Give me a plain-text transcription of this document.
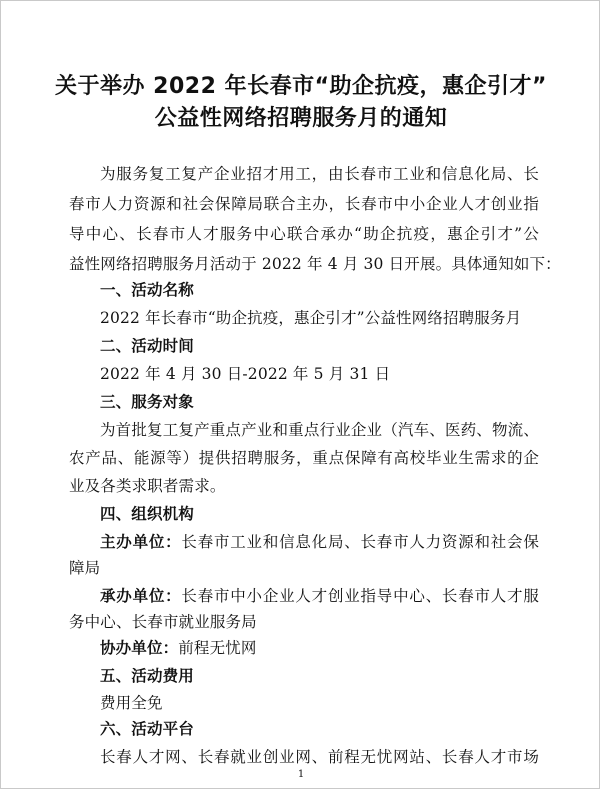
关于举办 2022 年长春市“助企抗疫，惠企引才”
公益性网络招聘服务月的通知
为服务复工复产企业招才用工，由长春市工业和信息化局、长
春市人力资源和社会保障局联合主办，长春市中小企业人才创业指
导中心、长春市人才服务中心联合承办“助企抗疫，惠企引才”公
益性网络招聘服务月活动于 2022 年 4 月 30 日开展。具体通知如下：
一、活动名称
2022 年长春市“助企抗疫，惠企引才”公益性网络招聘服务月
二、活动时间
2022 年 4 月 30 日-2022 年 5 月 31 日
三、服务对象
为首批复工复产重点产业和重点行业企业（汽车、医药、物流、
农产品、能源等）提供招聘服务，重点保障有高校毕业生需求的企
业及各类求职者需求。
四、组织机构
主办单位：长春市工业和信息化局、长春市人力资源和社会保
障局
承办单位：长春市中小企业人才创业指导中心、长春市人才服
务中心、长春市就业服务局
协办单位：前程无忧网
五、活动费用
费用全免
六、活动平台
长春人才网、长春就业创业网、前程无忧网站、长春人才市场
1
